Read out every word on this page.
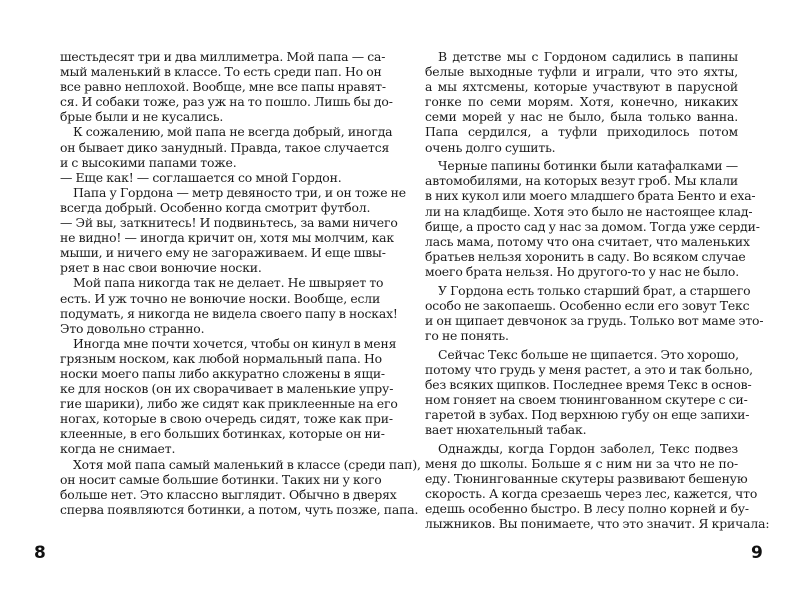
шестьдесят три и два миллиметра. Мой папа — са-
мый маленький в классе. То есть среди пап. Но он
все равно неплохой. Вообще, мне все папы нравят-
ся. И собаки тоже, раз уж на то пошло. Лишь бы до-
брые были и не кусались.
К сожалению, мой папа не всегда добрый, иногда
он бывает дико занудный. Правда, такое случается
и с высокими папами тоже.
— Еще как! — соглашается со мной Гордон.
Папа у Гордона — метр девяносто три, и он тоже не
всегда добрый. Особенно когда смотрит футбол.
— Эй вы, заткнитесь! И подвиньтесь, за вами ничего
не видно! — иногда кричит он, хотя мы молчим, как
мыши, и ничего ему не загораживаем. И еще швы-
ряет в нас свои вонючие носки.
Мой папа никогда так не делает. Не швыряет то
есть. И уж точно не вонючие носки. Вообще, если
подумать, я никогда не видела своего папу в носках!
Это довольно странно.
Иногда мне почти хочется, чтобы он кинул в меня
грязным носком, как любой нормальный папа. Но
носки моего папы либо аккуратно сложены в ящи-
ке для носков (он их сворачивает в маленькие упру-
гие шарики), либо же сидят как приклеенные на его
ногах, которые в свою очередь сидят, тоже как при-
клеенные, в его больших ботинках, которые он ни-
когда не снимает.
Хотя мой папа самый маленький в классе (среди пап),
он носит самые большие ботинки. Таких ни у кого
больше нет. Это классно выглядит. Обычно в дверях
сперва появляются ботинки, а потом, чуть позже, папа.
В детстве мы с Гордоном садились в папины
белые выходные туфли и играли, что это яхты,
а мы яхтсмены, которые участвуют в парусной
гонке по семи морям. Хотя, конечно, никаких
семи морей у нас не было, была только ванна.
Папа сердился, а туфли приходилось потом
очень долго сушить.
Черные папины ботинки были катафалками —
автомобилями, на которых везут гроб. Мы клали
в них кукол или моего младшего брата Бенто и еха-
ли на кладбище. Хотя это было не настоящее клад-
бище, а просто сад у нас за домом. Тогда уже серди-
лась мама, потому что она считает, что маленьких
братьев нельзя хоронить в саду. Во всяком случае
моего брата нельзя. Но другого-то у нас не было.
У Гордона есть только старший брат, а старшего
особо не закопаешь. Особенно если его зовут Текс
и он щипает девчонок за грудь. Только вот маме это-
го не понять.
Сейчас Текс больше не щипается. Это хорошо,
потому что грудь у меня растет, а это и так больно,
без всяких щипков. Последнее время Текс в основ-
ном гоняет на своем тюнингованном скутере с си-
гаретой в зубах. Под верхнюю губу он еще запихи-
вает нюхательный табак.
Однажды, когда Гордон заболел, Текс подвез
меня до школы. Больше я с ним ни за что не по-
еду. Тюнингованные скутеры развивают бешеную
скорость. А когда срезаешь через лес, кажется, что
едешь особенно быстро. В лесу полно корней и бу-
лыжников. Вы понимаете, что это значит. Я кричала:
8	9
